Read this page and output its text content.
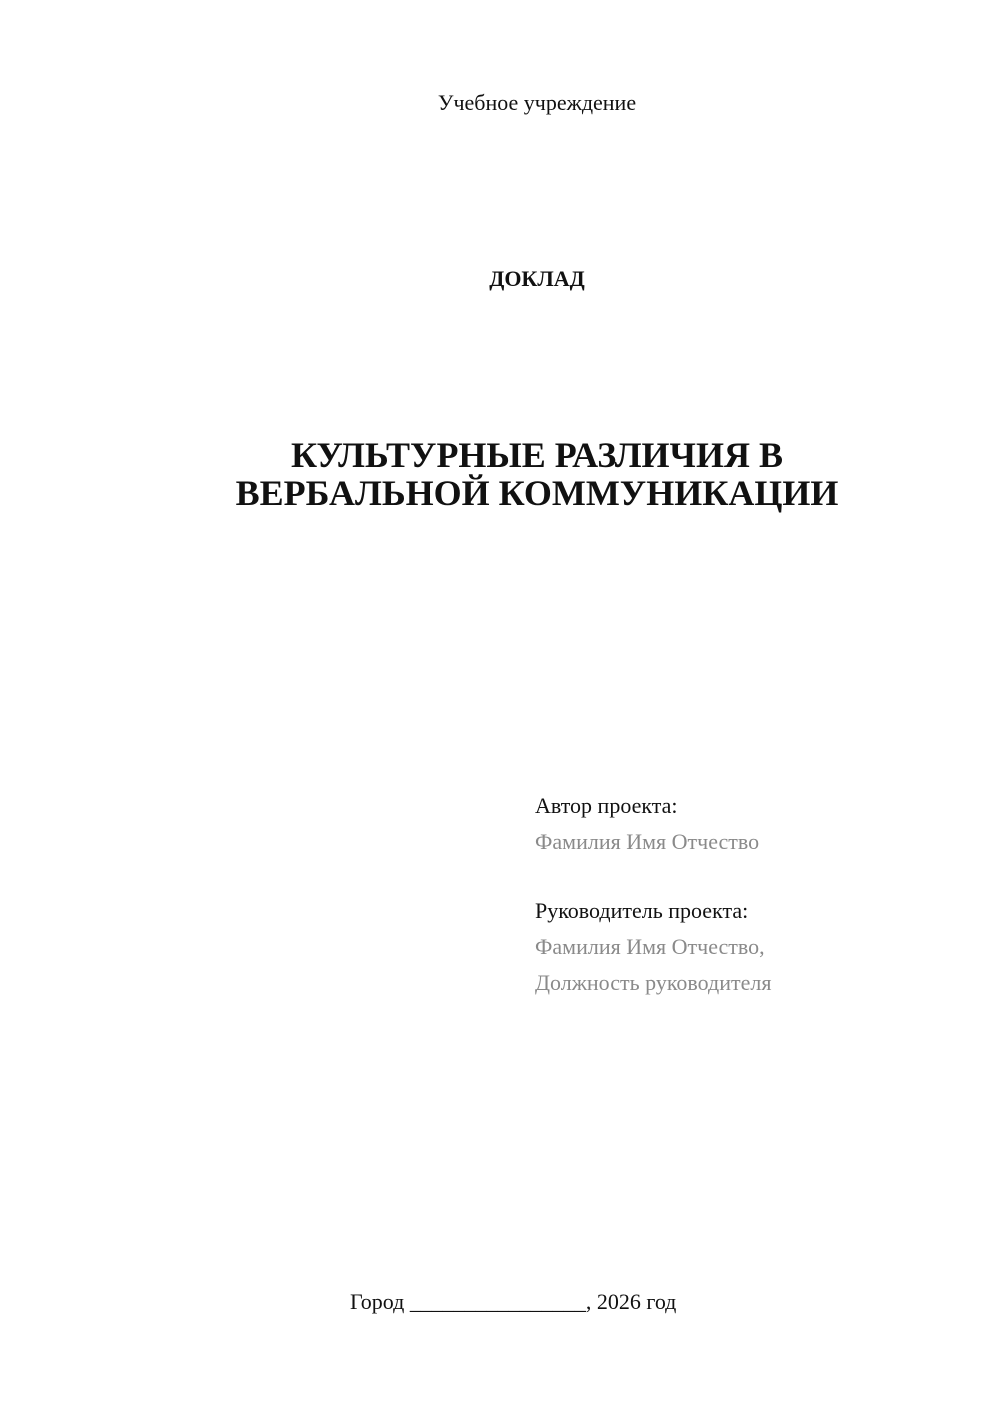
Учебное учреждение
ДОКЛАД
КУЛЬТУРНЫЕ РАЗЛИЧИЯ В
ВЕРБАЛЬНОЙ КОММУНИКАЦИИ
Автор проекта:
Фамилия Имя Отчество
Руководитель проекта:
Фамилия Имя Отчество,
Должность руководителя
Город ________________, 2026 год
